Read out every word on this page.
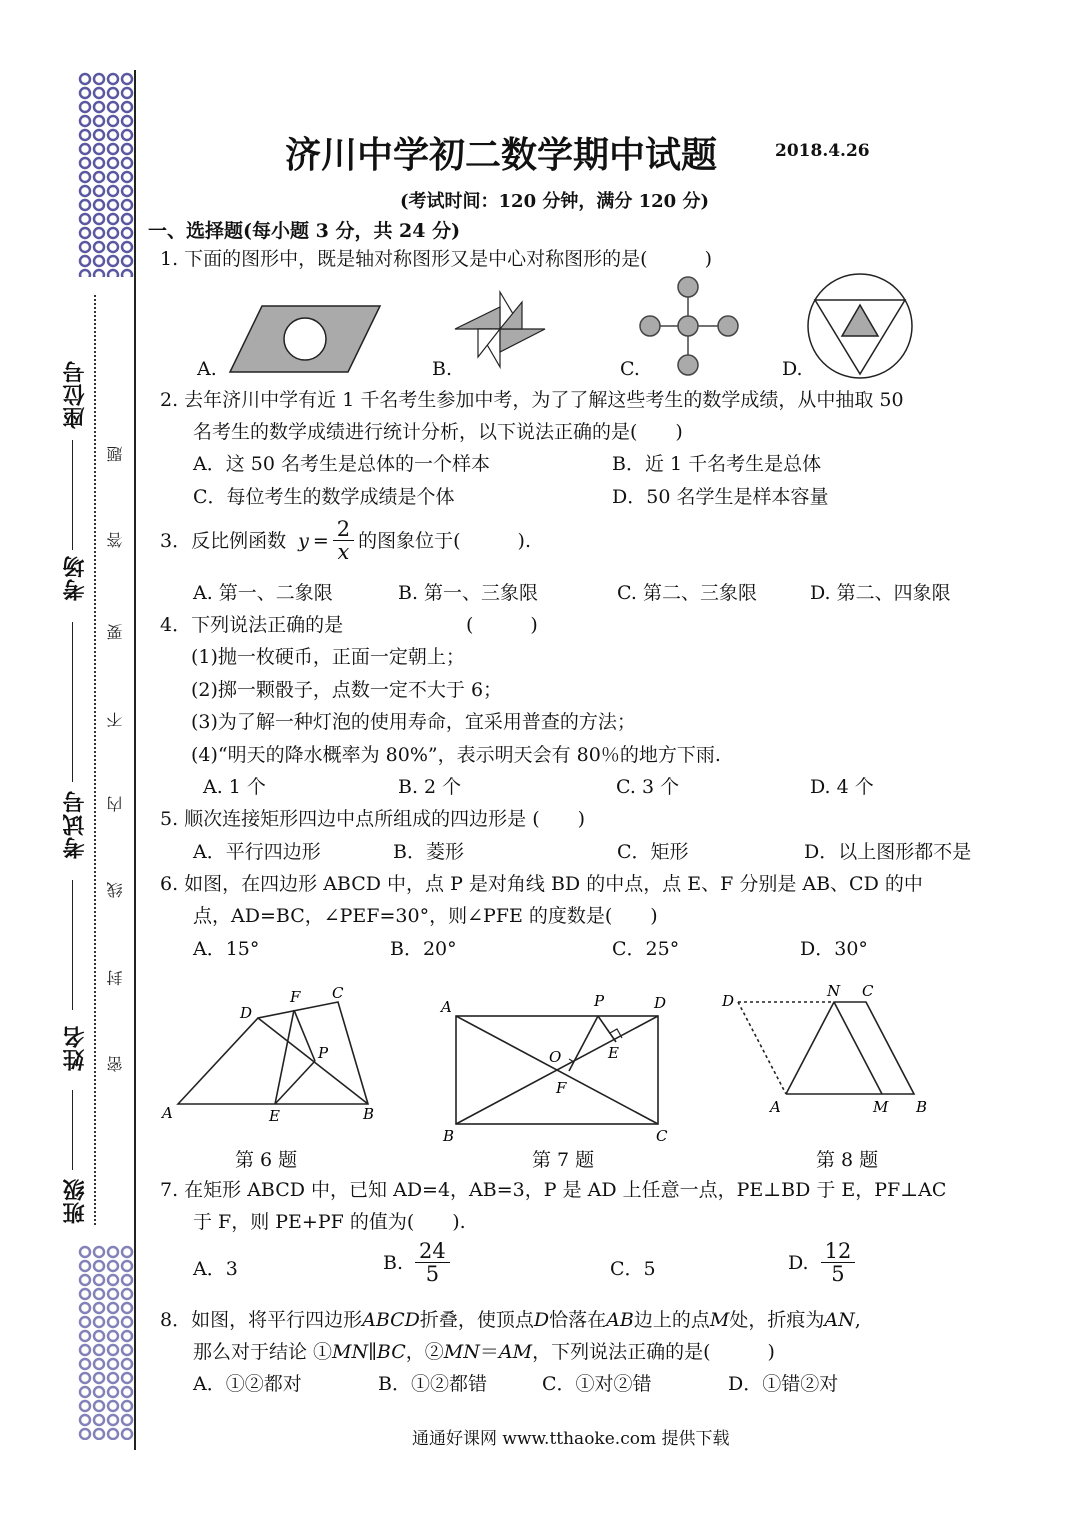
座位号
考场
考试号
姓名
班级
题
答
要
不
内
线
封
密
济川中学初二数学期中试题	2018.4.26
(考试时间：120 分钟，满分 120 分)
一、选择题(每小题 3 分，共 24 分)
1. 下面的图形中，既是轴对称图形又是中心对称图形的是(　　　)
A.	B.	C.	D.
2. 去年济川中学有近 1 千名考生参加中考，为了了解这些考生的数学成绩，从中抽取 50
名考生的数学成绩进行统计分析，以下说法正确的是(　　)
A．这 50 名考生是总体的一个样本	B．近 1 千名考生是总体
C．每位考生的数学成绩是个体	D．50 名学生是样本容量
3．反比例函数 $y = \frac{2}{x}$ 的图象位于(　　　).
A. 第一、二象限	B. 第一、三象限	C. 第二、三象限	D. 第二、四象限
4．下列说法正确的是	(　　　)
(1)抛一枚硬币，正面一定朝上；
(2)掷一颗骰子，点数一定不大于 6；
(3)为了解一种灯泡的使用寿命，宜采用普查的方法；
(4)“明天的降水概率为 80%”，表示明天会有 80％的地方下雨.
A. 1 个	B. 2 个	C. 3 个	D. 4 个
5. 顺次连接矩形四边中点所组成的四边形是 (　　)
A．平行四边形	B．菱形	C．矩形	D．以上图形都不是
6. 如图，在四边形 ABCD 中，点 P 是对角线 BD 的中点，点 E、F 分别是 AB、CD 的中
点，AD=BC，∠PEF=30°，则∠PFE 的度数是(　　)
A．15°	B．20°	C．25°	D．30°
A	B
C
D
E
F
P
A
B	C
D
E
F
O
P	D
N C
A	M B
第 6 题	第 7 题	第 8 题
7. 在矩形 ABCD 中，已知 AD=4，AB=3，P 是 AD 上任意一点，PE⊥BD 于 E，PF⊥AC
于 F，则 PE+PF 的值为(　　).
A．3	B. $\frac{24}{5}$	C．5	D. $\frac{12}{5}$
8．如图，将平行四边形ABCD折叠，使顶点D恰落在AB边上的点M处，折痕为AN,
那么对于结论 ①MN∥BC，②MN＝AM，下列说法正确的是(　　　)
A．①②都对	B．①②都错	C．①对②错	D．①错②对
通通好课网 www.tthaoke.com 提供下载
